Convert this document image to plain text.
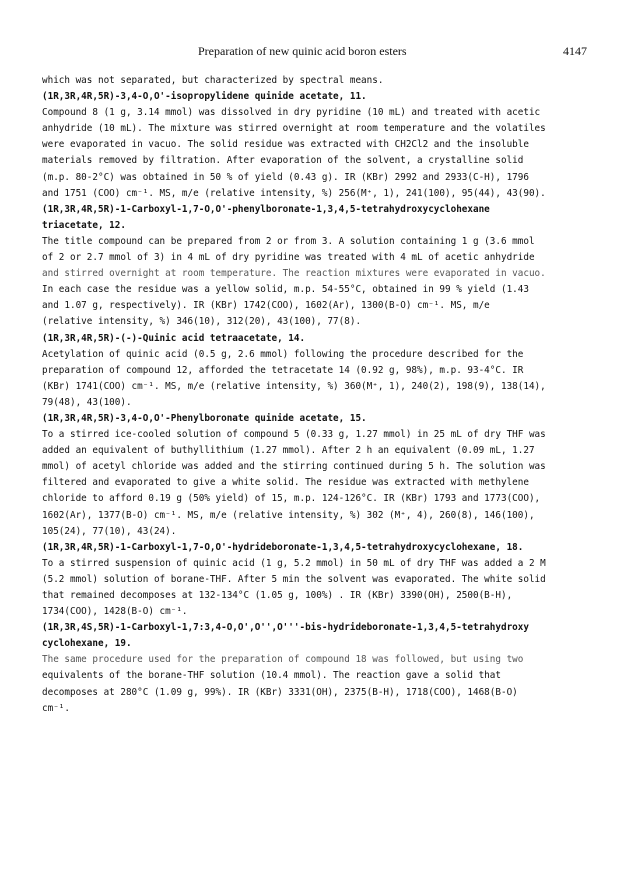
Preparation of new quinic acid boron esters	4147
which was not separated, but characterized by spectral means.
(1R,3R,4R,5R)-3,4-O,O'-isopropylidene quinide acetate, 11.
Compound 8 (1 g, 3.14 mmol) was dissolved in dry pyridine (10 mL) and treated with acetic
anhydride (10 mL). The mixture was stirred overnight at room temperature and the volatiles
were evaporated in vacuo. The solid residue was extracted with CH2Cl2 and the insoluble
materials removed by filtration. After evaporation of the solvent, a crystalline solid
(m.p. 80-2°C) was obtained in 50 % of yield (0.43 g). IR (KBr) 2992 and 2933(C-H), 1796
and 1751 (COO) cm⁻¹. MS, m/e (relative intensity, %) 256(M⁺, 1), 241(100), 95(44), 43(90).
(1R,3R,4R,5R)-1-Carboxyl-1,7-O,O'-phenylboronate-1,3,4,5-tetrahydroxycyclohexane
triacetate, 12.
The title compound can be prepared from 2 or from 3. A solution containing 1 g (3.6 mmol
of 2 or 2.7 mmol of 3) in 4 mL of dry pyridine was treated with 4 mL of acetic anhydride
and stirred overnight at room temperature. The reaction mixtures were evaporated in vacuo.
In each case the residue was a yellow solid, m.p. 54-55°C, obtained in 99 % yield (1.43
and 1.07 g, respectively). IR (KBr) 1742(COO), 1602(Ar), 1300(B-O) cm⁻¹. MS, m/e
(relative intensity, %) 346(10), 312(20), 43(100), 77(8).
(1R,3R,4R,5R)-(-)-Quinic acid tetraacetate, 14.
Acetylation of quinic acid (0.5 g, 2.6 mmol) following the procedure described for the
preparation of compound 12, afforded the tetracetate 14 (0.92 g, 98%), m.p. 93-4°C. IR
(KBr) 1741(COO) cm⁻¹. MS, m/e (relative intensity, %) 360(M⁺, 1), 240(2), 198(9), 138(14),
79(48), 43(100).
(1R,3R,4R,5R)-3,4-O,O'-Phenylboronate quinide acetate, 15.
To a stirred ice-cooled solution of compound 5 (0.33 g, 1.27 mmol) in 25 mL of dry THF was
added an equivalent of buthyllithium (1.27 mmol). After 2 h an equivalent (0.09 mL, 1.27
mmol) of acetyl chloride was added and the stirring continued during 5 h. The solution was
filtered and evaporated to give a white solid. The residue was extracted with methylene
chloride to afford 0.19 g (50% yield) of 15, m.p. 124-126°C. IR (KBr) 1793 and 1773(COO),
1602(Ar), 1377(B-O) cm⁻¹. MS, m/e (relative intensity, %) 302 (M⁺, 4), 260(8), 146(100),
105(24), 77(10), 43(24).
(1R,3R,4R,5R)-1-Carboxyl-1,7-O,O'-hydrideboronate-1,3,4,5-tetrahydroxycyclohexane, 18.
To a stirred suspension of quinic acid (1 g, 5.2 mmol) in 50 mL of dry THF was added a 2 M
(5.2 mmol) solution of borane-THF. After 5 min the solvent was evaporated. The white solid
that remained decomposes at 132-134°C (1.05 g, 100%) . IR (KBr) 3390(OH), 2500(B-H),
1734(COO), 1428(B-O) cm⁻¹.
(1R,3R,4S,5R)-1-Carboxyl-1,7:3,4-O,O',O'',O'''-bis-hydrideboronate-1,3,4,5-tetrahydroxy
cyclohexane, 19.
The same procedure used for the preparation of compound 18 was followed, but using two
equivalents of the borane-THF solution (10.4 mmol). The reaction gave a solid that
decomposes at 280°C (1.09 g, 99%). IR (KBr) 3331(OH), 2375(B-H), 1718(COO), 1468(B-O)
cm⁻¹.
